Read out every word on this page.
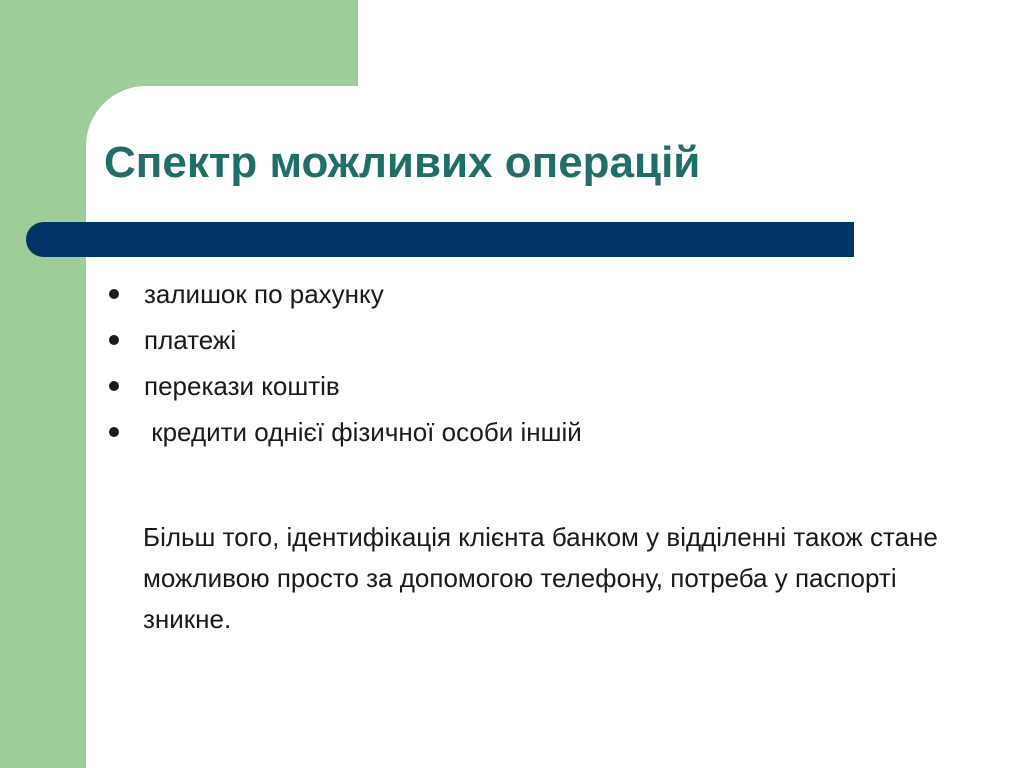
Спектр можливих операцій
залишок по рахунку
платежі
перекази коштів
кредити однієї фізичної особи іншій

Більш того, ідентифікація клієнта банком у відділенні також стане можливою просто за допомогою телефону, потреба у паспорті зникне.
